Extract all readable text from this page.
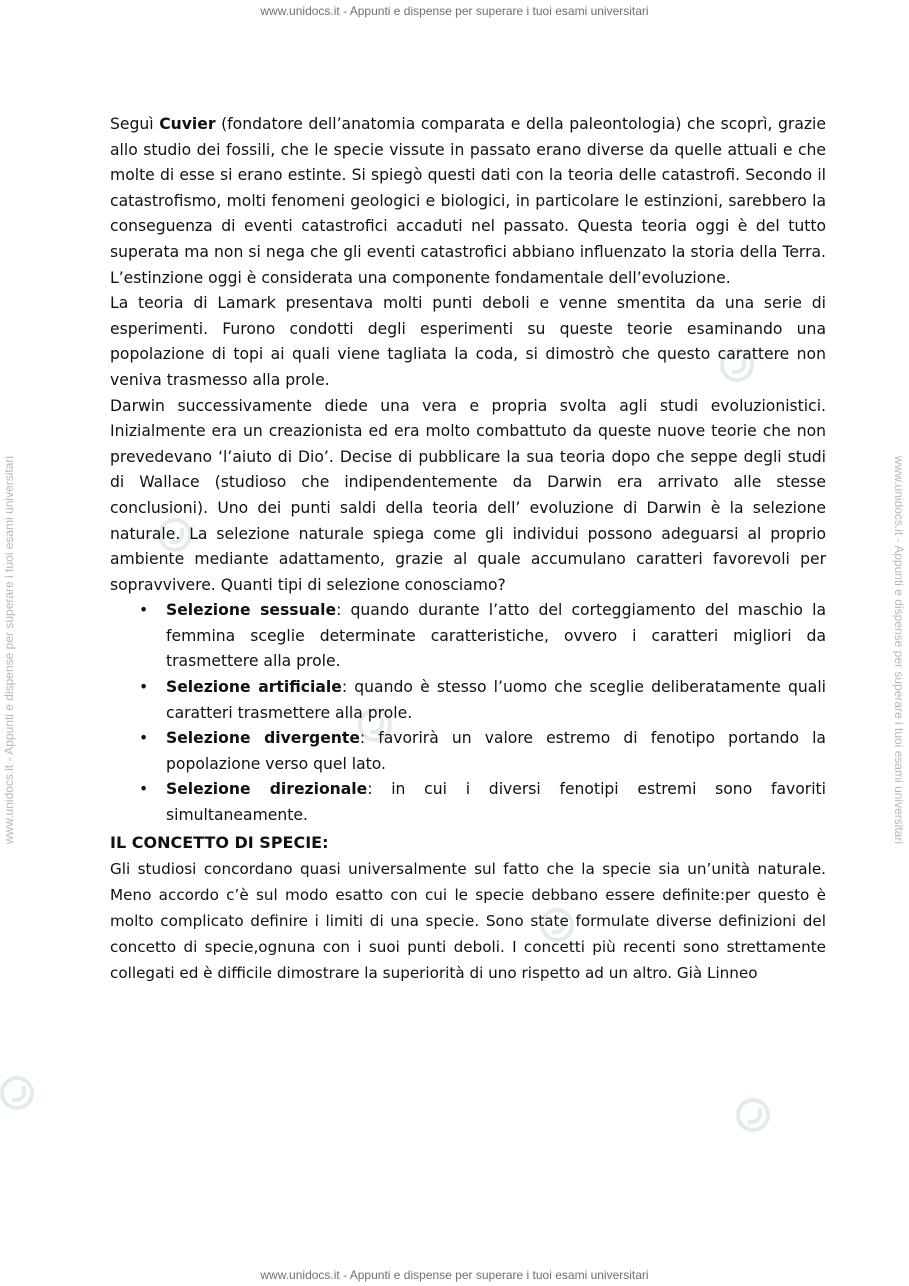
www.unidocs.it - Appunti e dispense per superare i tuoi esami universitari
www.unidocs.it - Appunti e dispense per superare i tuoi esami universitari
www.unidocs.it - Appunti e dispense per superare i tuoi esami universitari	www.unidocs.it - Appunti e dispense per superare i tuoi esami universitari

Seguì Cuvier (fondatore dell’anatomia comparata e della paleontologia) che scoprì, grazie allo studio dei fossili, che le specie vissute in passato erano diverse da quelle attuali e che molte di esse si erano estinte. Si spiegò questi dati con la teoria delle catastrofi. Secondo il catastrofismo, molti fenomeni geologici e biologici, in particolare le estinzioni, sarebbero la conseguenza di eventi catastrofici accaduti nel passato. Questa teoria oggi è del tutto superata ma non si nega che gli eventi catastrofici abbiano influenzato la storia della Terra. L’estinzione oggi è considerata una componente fondamentale dell’evoluzione.

La teoria di Lamark presentava molti punti deboli e venne smentita da una serie di esperimenti. Furono condotti degli esperimenti su queste teorie esaminando una popolazione di topi ai quali viene tagliata la coda, si dimostrò che questo carattere non veniva trasmesso alla prole.

Darwin successivamente diede una vera e propria svolta agli studi evoluzionistici. Inizialmente era un creazionista ed era molto combattuto da queste nuove teorie che non prevedevano ‘l’aiuto di Dio’. Decise di pubblicare la sua teoria dopo che seppe degli studi di Wallace (studioso che indipendentemente da Darwin era arrivato alle stesse conclusioni). Uno dei punti saldi della teoria dell’ evoluzione di Darwin è la selezione naturale. La selezione naturale spiega come gli individui possono adeguarsi al proprio ambiente mediante adattamento, grazie al quale accumulano caratteri favorevoli per sopravvivere. Quanti tipi di selezione conosciamo?

• Selezione sessuale: quando durante l’atto del corteggiamento del maschio la femmina sceglie determinate caratteristiche, ovvero i caratteri migliori da trasmettere alla prole.
• Selezione artificiale: quando è stesso l’uomo che sceglie deliberatamente quali caratteri trasmettere alla prole.
• Selezione divergente: favorirà un valore estremo di fenotipo portando la popolazione verso quel lato.
• Selezione direzionale: in cui i diversi fenotipi estremi sono favoriti simultaneamente.

IL CONCETTO DI SPECIE:

Gli studiosi concordano quasi universalmente sul fatto che la specie sia un’unità naturale. Meno accordo c’è sul modo esatto con cui le specie debbano essere definite:per questo è molto complicato definire i limiti di una specie. Sono state formulate diverse definizioni del concetto di specie,ognuna con i suoi punti deboli. I concetti più recenti sono strettamente collegati ed è difficile dimostrare la superiorità di uno rispetto ad un altro. Già Linneo
